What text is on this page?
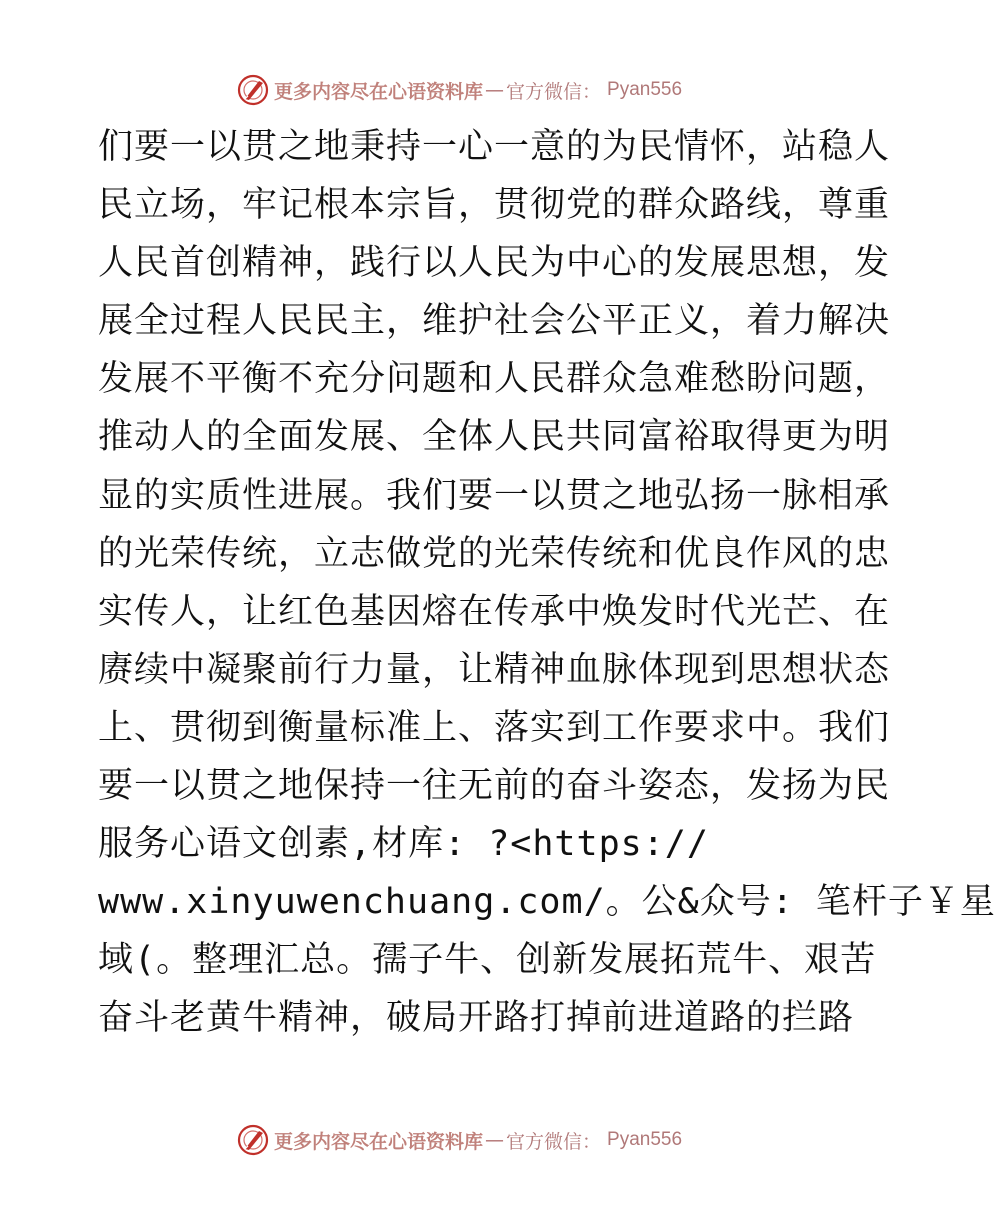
更多内容尽在心语资料库 — 官方微信 ： Pyan556
们要一以贯之地秉持一心一意的为民情怀，站稳人
民立场，牢记根本宗旨，贯彻党的群众路线，尊重
人民首创精神，践行以人民为中心的发展思想，发
展全过程人民民主，维护社会公平正义，着力解决
发展不平衡不充分问题和人民群众急难愁盼问题，
推动人的全面发展、全体人民共同富裕取得更为明
显的实质性进展。我们要一以贯之地弘扬一脉相承
的光荣传统，立志做党的光荣传统和优良作风的忠
实传人，让红色基因熔在传承中焕发时代光芒、在
赓续中凝聚前行力量，让精神血脉体现到思想状态
上、贯彻到衡量标准上、落实到工作要求中。我们
要一以贯之地保持一往无前的奋斗姿态，发扬为民
服务心语文创素,材库: ?<https://
www.xinyuwenchuang.com/。公&众号: 笔杆子￥星
域(。整理汇总。孺子牛、创新发展拓荒牛、艰苦
奋斗老黄牛精神，破局开路打掉前进道路的拦路
更多内容尽在心语资料库 — 官方微信 ： Pyan556
